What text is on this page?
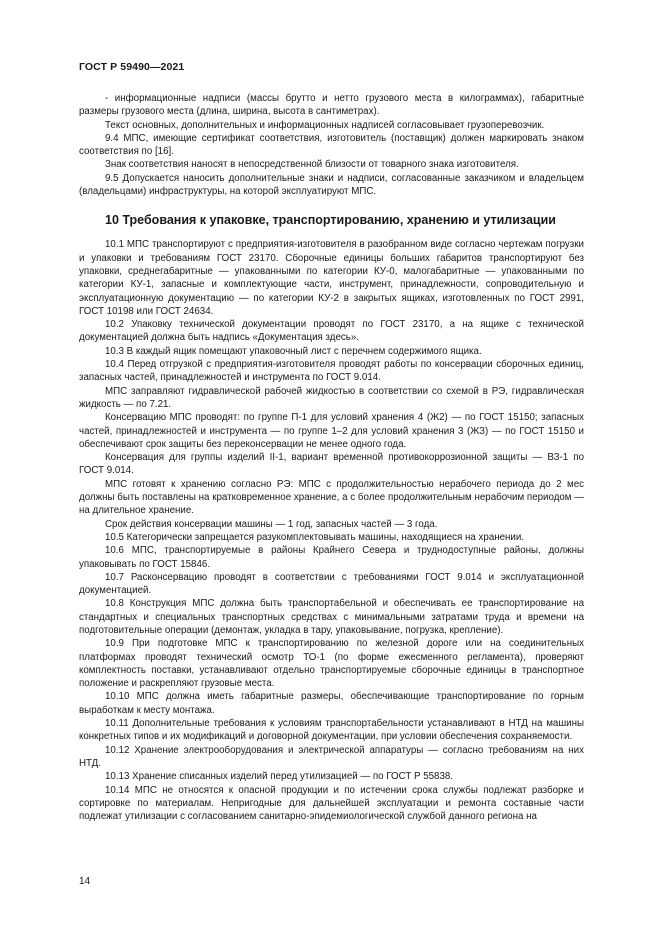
ГОСТ Р 59490—2021

- информационные надписи (массы брутто и нетто грузового места в килограммах), габаритные размеры грузового места (длина, ширина, высота в сантиметрах).

Текст основных, дополнительных и информационных надписей согласовывает грузоперевозчик.

9.4 МПС, имеющие сертификат соответствия, изготовитель (поставщик) должен маркировать знаком соответствия по [16].

Знак соответствия наносят в непосредственной близости от товарного знака изготовителя.

9.5 Допускается наносить дополнительные знаки и надписи, согласованные заказчиком и владельцем (владельцами) инфраструктуры, на которой эксплуатируют МПС.

10 Требования к упаковке, транспортированию, хранению и утилизации

10.1 МПС транспортируют с предприятия-изготовителя в разобранном виде согласно чертежам погрузки и упаковки и требованиям ГОСТ 23170. Сборочные единицы больших габаритов транспортируют без упаковки, среднегабаритные — упакованными по категории КУ-0, малогабаритные — упакованными по категории КУ-1, запасные и комплектующие части, инструмент, принадлежности, сопроводительную и эксплуатационную документацию — по категории КУ-2 в закрытых ящиках, изготовленных по ГОСТ 2991, ГОСТ 10198 или ГОСТ 24634.

10.2 Упаковку технической документации проводят по ГОСТ 23170, а на ящике с технической документацией должна быть надпись «Документация здесь».

10.3 В каждый ящик помещают упаковочный лист с перечнем содержимого ящика.

10.4 Перед отгрузкой с предприятия-изготовителя проводят работы по консервации сборочных единиц, запасных частей, принадлежностей и инструмента по ГОСТ 9.014.

МПС заправляют гидравлической рабочей жидкостью в соответствии со схемой в РЭ, гидравлическая жидкость — по 7.21.

Консервацию МПС проводят: по группе П-1 для условий хранения 4 (Ж2) — по ГОСТ 15150; запасных частей, принадлежностей и инструмента — по группе 1–2 для условий хранения 3 (ЖЗ) — по ГОСТ 15150 и обеспечивают срок защиты без переконсервации не менее одного года.

Консервация для группы изделий II-1, вариант временной противокоррозионной защиты — ВЗ-1 по ГОСТ 9.014.

МПС готовят к хранению согласно РЭ: МПС с продолжительностью нерабочего периода до 2 мес должны быть поставлены на кратковременное хранение, а с более продолжительным нерабочим периодом — на длительное хранение.

Срок действия консервации машины — 1 год, запасных частей — 3 года.

10.5 Категорически запрещается разукомплектовывать машины, находящиеся на хранении.

10.6 МПС, транспортируемые в районы Крайнего Севера и труднодоступные районы, должны упаковывать по ГОСТ 15846.

10.7 Расконсервацию проводят в соответствии с требованиями ГОСТ 9.014 и эксплуатационной документацией.

10.8 Конструкция МПС должна быть транспортабельной и обеспечивать ее транспортирование на стандартных и специальных транспортных средствах с минимальными затратами труда и времени на подготовительные операции (демонтаж, укладка в тару, упаковывание, погрузка, крепление).

10.9 При подготовке МПС к транспортированию по железной дороге или на соединительных платформах проводят технический осмотр ТО-1 (по форме ежесменного регламента), проверяют комплектность поставки, устанавливают отдельно транспортируемые сборочные единицы в транспортное положение и раскрепляют грузовые места.

10.10 МПС должна иметь габаритные размеры, обеспечивающие транспортирование по горным выработкам к месту монтажа.

10.11 Дополнительные требования к условиям транспортабельности устанавливают в НТД на машины конкретных типов и их модификаций и договорной документации, при условии обеспечения сохраняемости.

10.12 Хранение электрооборудования и электрической аппаратуры — согласно требованиям на них НТД.

10.13 Хранение списанных изделий перед утилизацией — по ГОСТ Р 55838.

10.14 МПС не относятся к опасной продукции и по истечении срока службы подлежат разборке и сортировке по материалам. Непригодные для дальнейшей эксплуатации и ремонта составные части подлежат утилизации с согласованием санитарно-эпидемиологической службой данного региона на

14
